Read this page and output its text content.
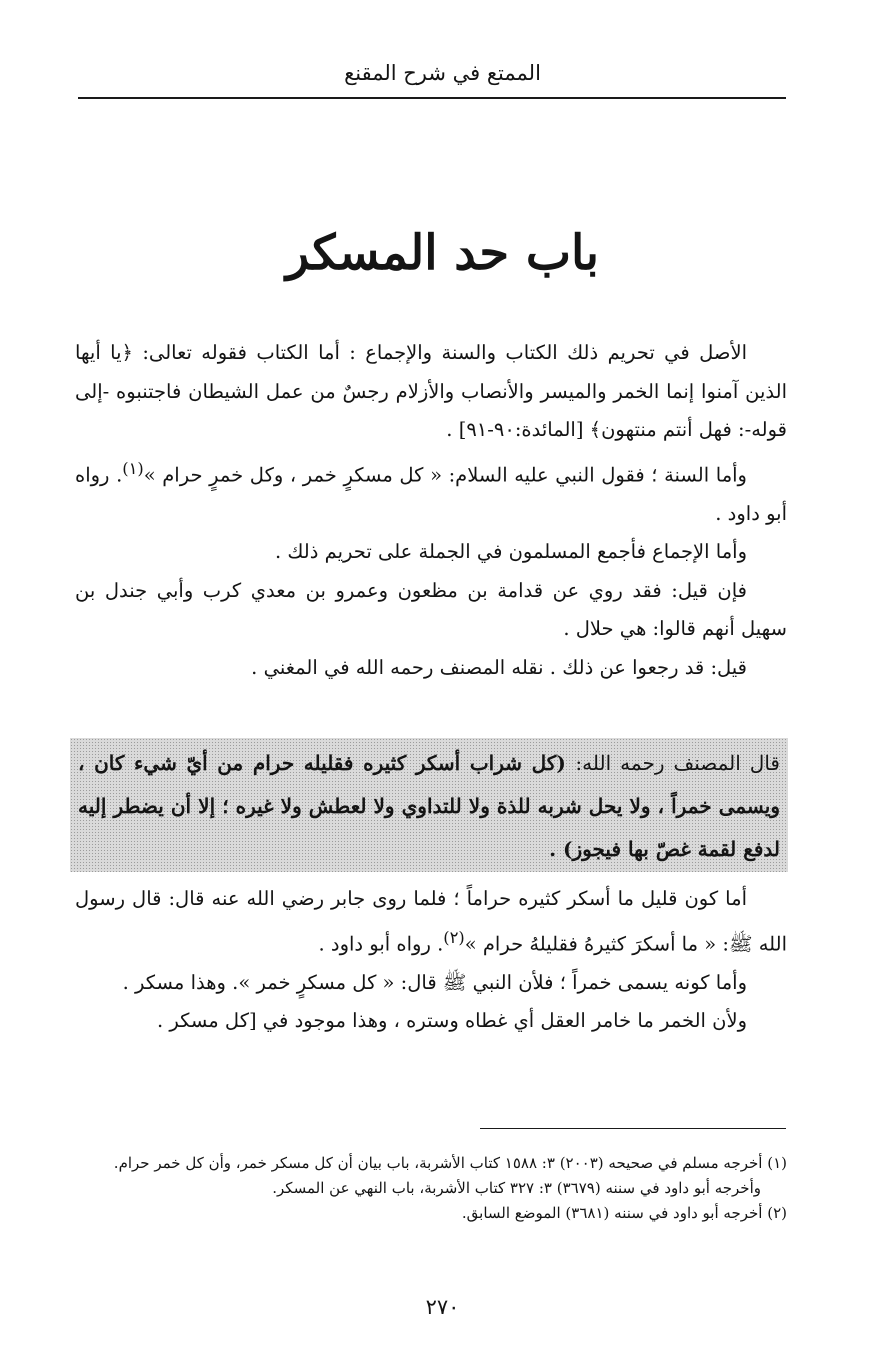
الممتع في شرح المقنع
باب حد المسكر

الأصل في تحريم ذلك الكتاب والسنة والإجماع : أما الكتاب فقوله تعالى: ﴿يا أيها الذين آمنوا إنما الخمر والميسر والأنصاب والأزلام رجسٌ من عمل الشيطان فاجتنبوه -إلى قوله-: فهل أنتم منتهون﴾ [المائدة:٩٠-٩١] .

وأما السنة ؛ فقول النبي عليه السلام: « كل مسكرٍ خمر ، وكل خمرٍ حرام »$^{(١)}$. رواه أبو داود .

وأما الإجماع فأجمع المسلمون في الجملة على تحريم ذلك .

فإن قيل: فقد روي عن قدامة بن مظعون وعمرو بن معدي كرب وأبي جندل بن سهيل أنهم قالوا: هي حلال .

قيل: قد رجعوا عن ذلك . نقله المصنف رحمه الله في المغني .

قال المصنف رحمه الله: (كل شراب أسكر كثيره فقليله حرام من أيّ شيء كان ، ويسمى خمراً ، ولا يحل شربه للذة ولا للتداوي ولا لعطش ولا غيره ؛ إلا أن يضطر إليه لدفع لقمة غصّ بها فيجوز) .

أما كون قليل ما أسكر كثيره حراماً ؛ فلما روى جابر رضي الله عنه قال: قال رسول الله ﷺ: « ما أسكرَ كثيرهُ فقليلهُ حرام »$^{(٢)}$. رواه أبو داود .

وأما كونه يسمى خمراً ؛ فلأن النبي ﷺ قال: « كل مسكرٍ خمر ». وهذا مسكر .

ولأن الخمر ما خامر العقل أي غطاه وستره ، وهذا موجود في [كل مسكر .

(١) أخرجه مسلم في صحيحه (٢٠٠٣) ٣: ١٥٨٨ كتاب الأشربة، باب بيان أن كل مسكر خمر، وأن كل خمر حرام.

وأخرجه أبو داود في سننه (٣٦٧٩) ٣: ٣٢٧ كتاب الأشربة، باب النهي عن المسكر.

(٢) أخرجه أبو داود في سننه (٣٦٨١) الموضع السابق.

٢٧٠
